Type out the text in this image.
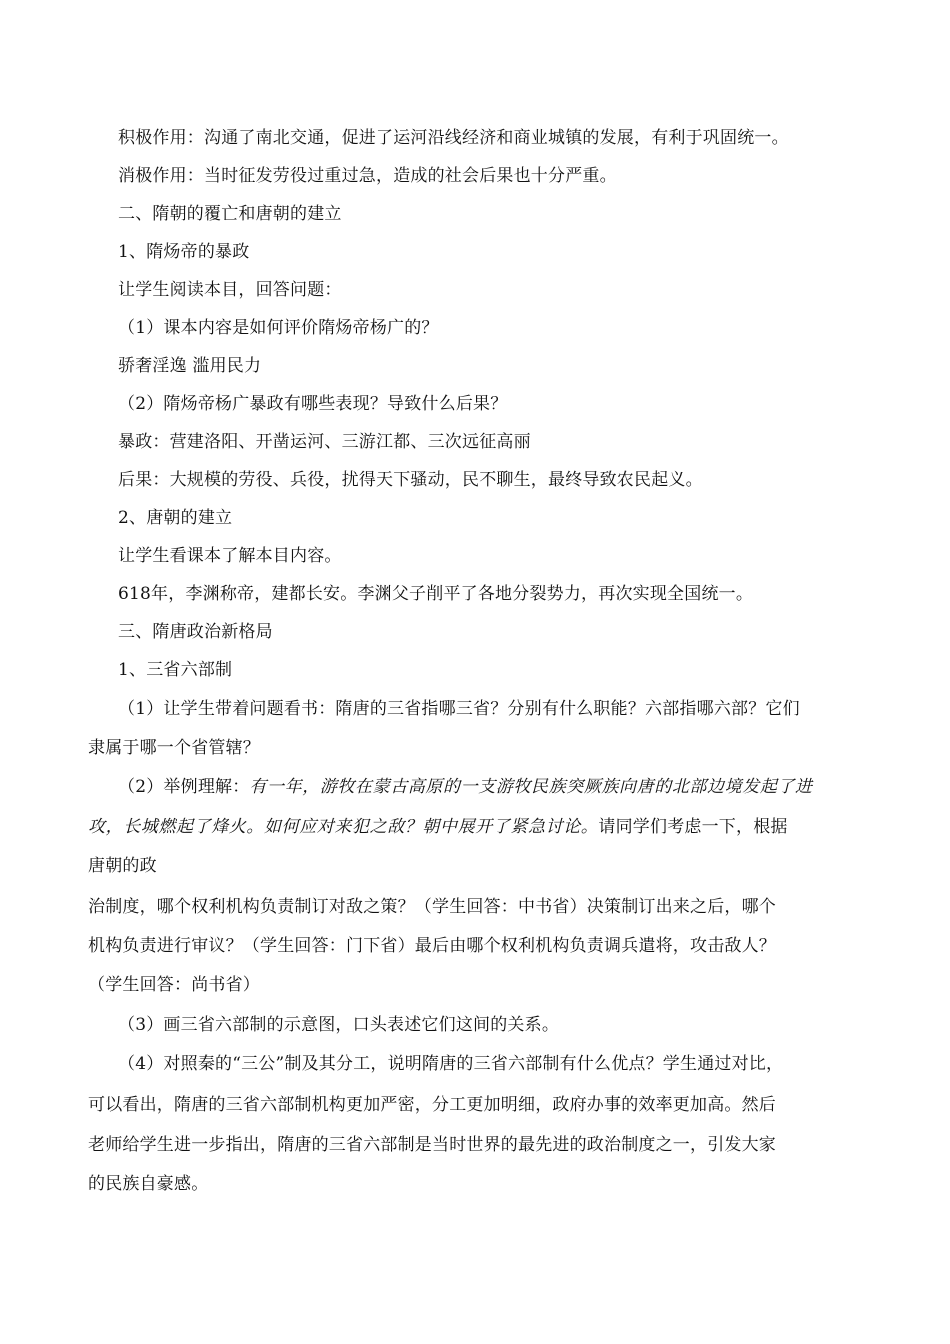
积极作用：沟通了南北交通，促进了运河沿线经济和商业城镇的发展，有利于巩固统一。
消极作用：当时征发劳役过重过急，造成的社会后果也十分严重。
二、隋朝的覆亡和唐朝的建立
1、隋炀帝的暴政
让学生阅读本目，回答问题：
（1）课本内容是如何评价隋炀帝杨广的？
骄奢淫逸 滥用民力
（2）隋炀帝杨广暴政有哪些表现？导致什么后果？
暴政：营建洛阳、开凿运河、三游江都、三次远征高丽
后果：大规模的劳役、兵役，扰得天下骚动，民不聊生，最终导致农民起义。
2、唐朝的建立
让学生看课本了解本目内容。
618年，李渊称帝，建都长安。李渊父子削平了各地分裂势力，再次实现全国统一。
三、隋唐政治新格局
1、三省六部制
（1）让学生带着问题看书：隋唐的三省指哪三省？分别有什么职能？六部指哪六部？它们
隶属于哪一个省管辖？
（2）举例理解：有一年，游牧在蒙古高原的一支游牧民族突厥族向唐的北部边境发起了进
攻，长城燃起了烽火。如何应对来犯之敌？朝中展开了紧急讨论。请同学们考虑一下，根据
唐朝的政
治制度，哪个权利机构负责制订对敌之策？（学生回答：中书省）决策制订出来之后，哪个
机构负责进行审议？（学生回答：门下省）最后由哪个权利机构负责调兵遣将，攻击敌人？
（学生回答：尚书省）
（3）画三省六部制的示意图，口头表述它们这间的关系。
（4）对照秦的“三公”制及其分工，说明隋唐的三省六部制有什么优点？学生通过对比，
可以看出，隋唐的三省六部制机构更加严密，分工更加明细，政府办事的效率更加高。然后
老师给学生进一步指出，隋唐的三省六部制是当时世界的最先进的政治制度之一，引发大家
的民族自豪感。
